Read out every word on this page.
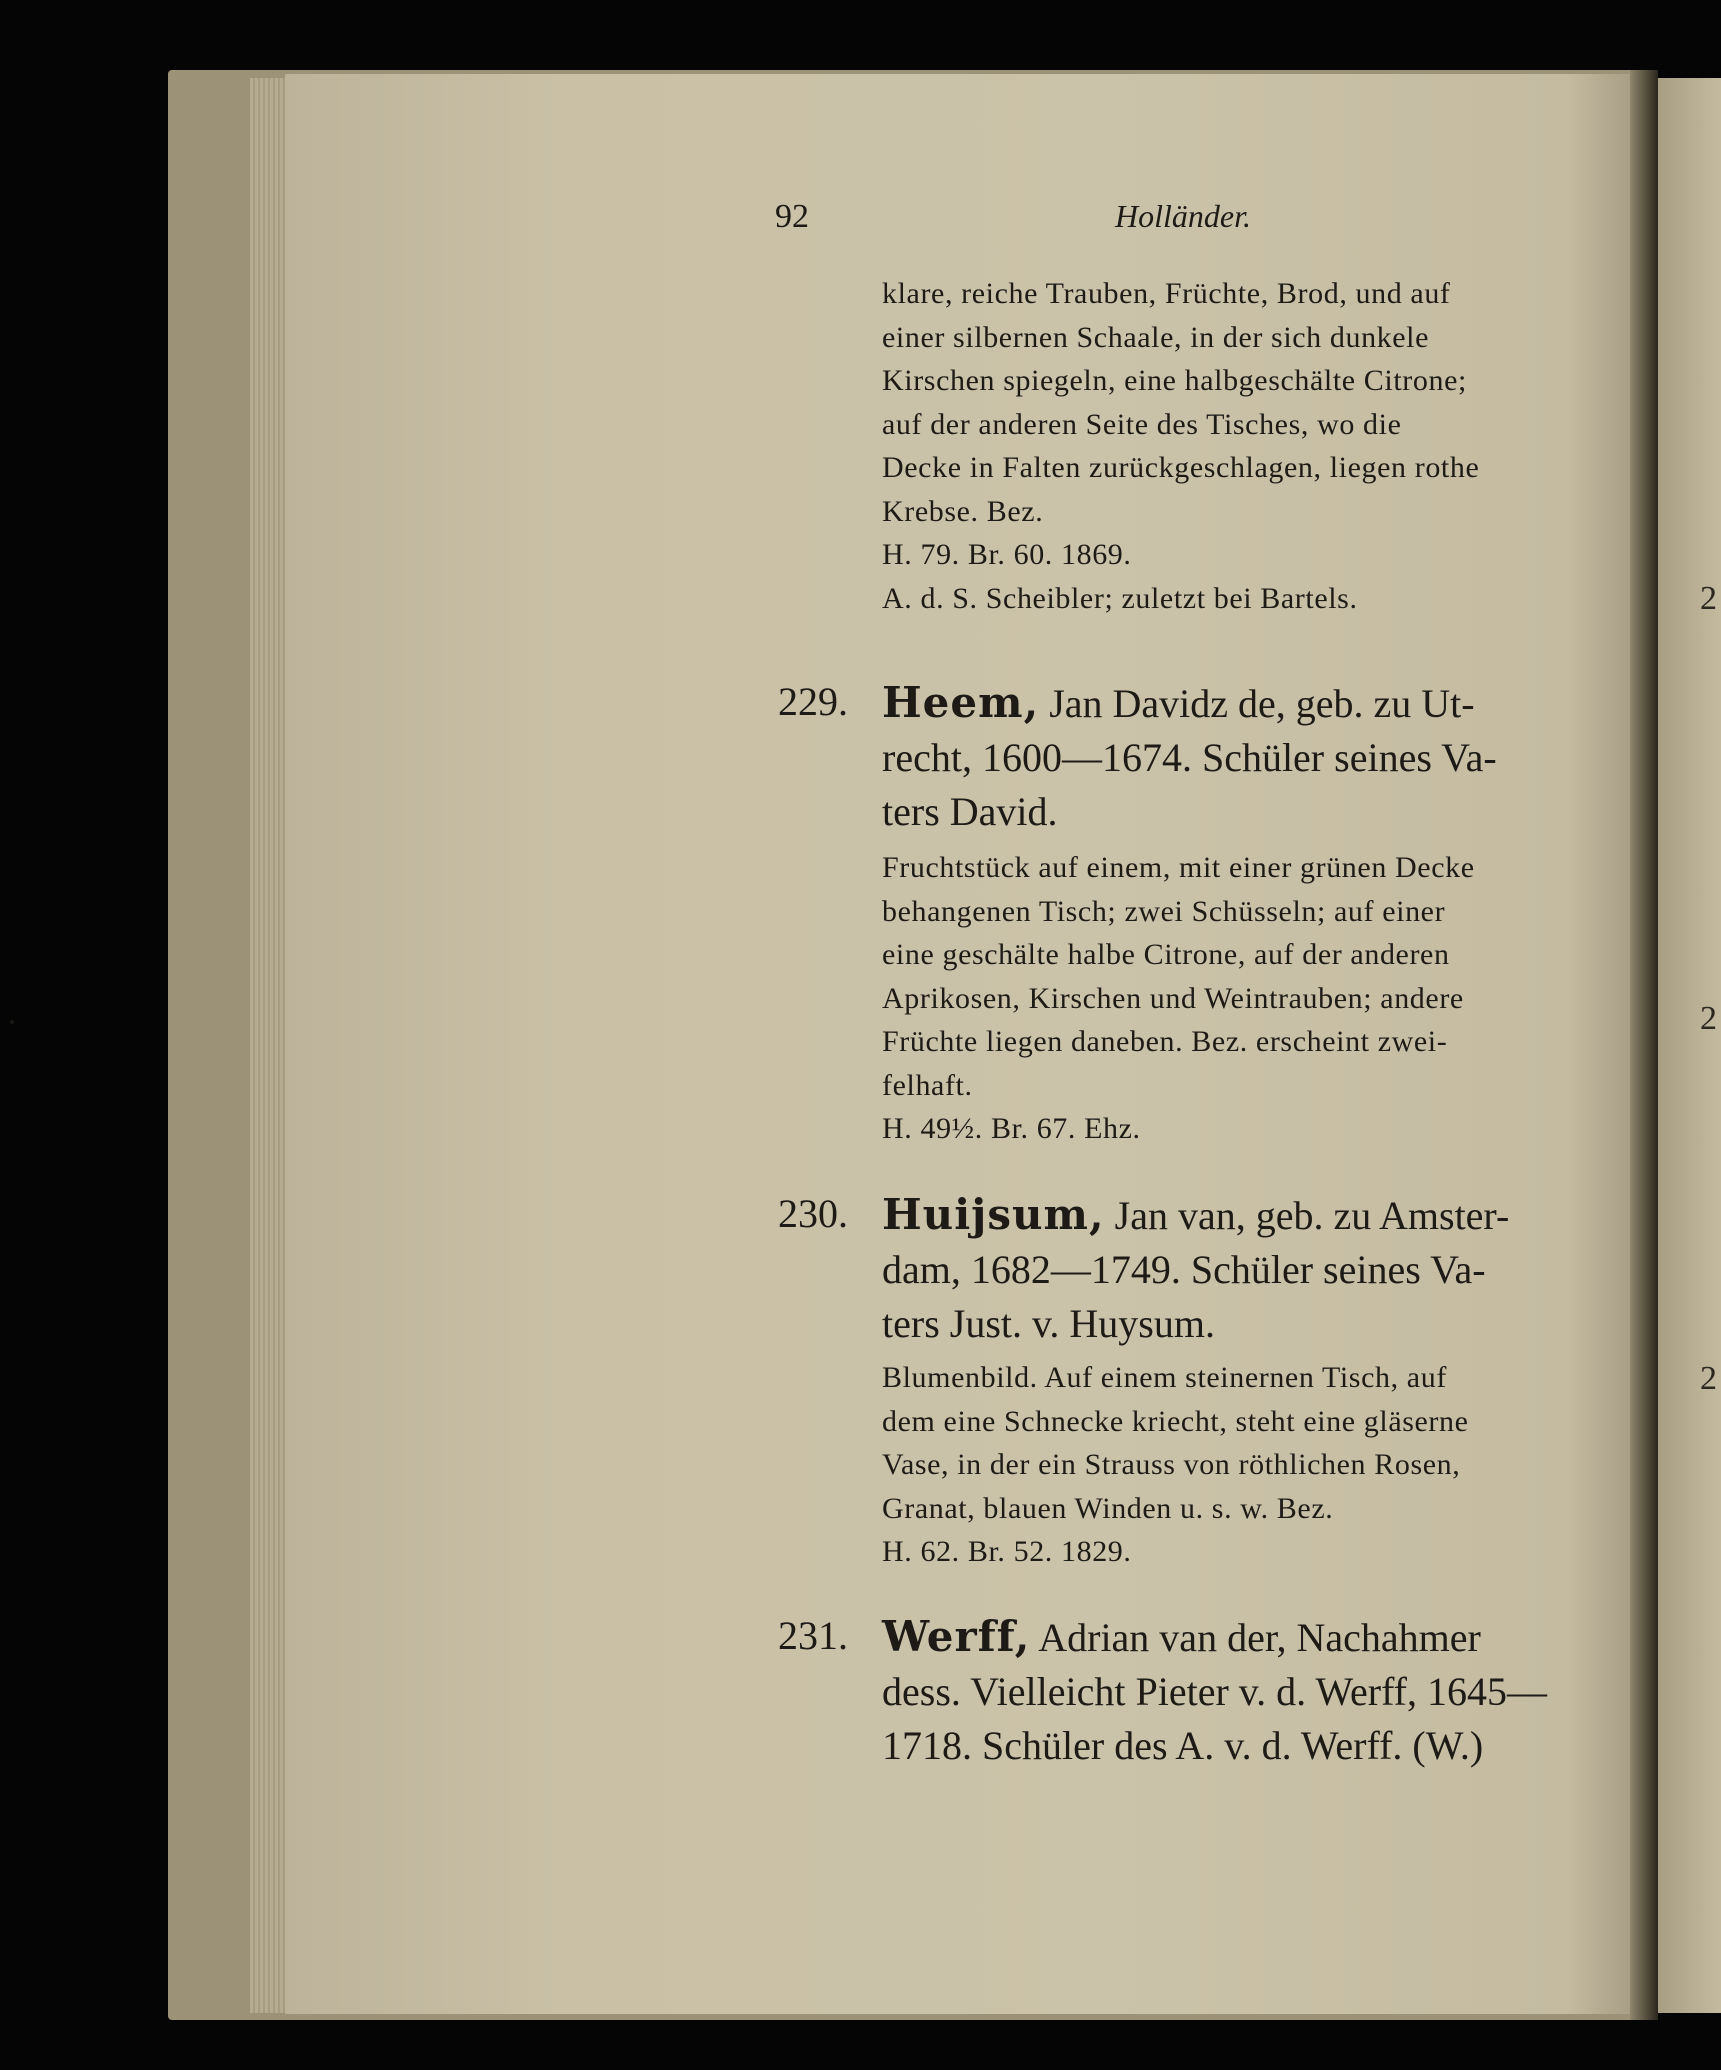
2
2
2
92	Holländer.

klare, reiche Trauben, Früchte, Brod, und auf

einer silbernen Schaale, in der sich dunkele

Kirschen spiegeln, eine halbgeschälte Citrone;

auf der anderen Seite des Tisches, wo die

Decke in Falten zurückgeschlagen, liegen rothe

Krebse. Bez.

H. 79. Br. 60. 1869.

A. d. S. Scheibler; zuletzt bei Bartels.

229. Heem, Jan Davidz de, geb. zu Ut-

recht, 1600—1674. Schüler seines Va-

ters David.

Fruchtstück auf einem, mit einer grünen Decke

behangenen Tisch; zwei Schüsseln; auf einer

eine geschälte halbe Citrone, auf der anderen

Aprikosen, Kirschen und Weintrauben; andere

Früchte liegen daneben. Bez. erscheint zwei-

felhaft.

H. 49½. Br. 67. Ehz.

230. Huijsum, Jan van, geb. zu Amster-

dam, 1682—1749. Schüler seines Va-

ters Just. v. Huysum.

Blumenbild. Auf einem steinernen Tisch, auf

dem eine Schnecke kriecht, steht eine gläserne

Vase, in der ein Strauss von röthlichen Rosen,

Granat, blauen Winden u. s. w. Bez.

H. 62. Br. 52. 1829.

231. Werff, Adrian van der, Nachahmer

dess. Vielleicht Pieter v. d. Werff, 1645—

1718. Schüler des A. v. d. Werff. (W.)
